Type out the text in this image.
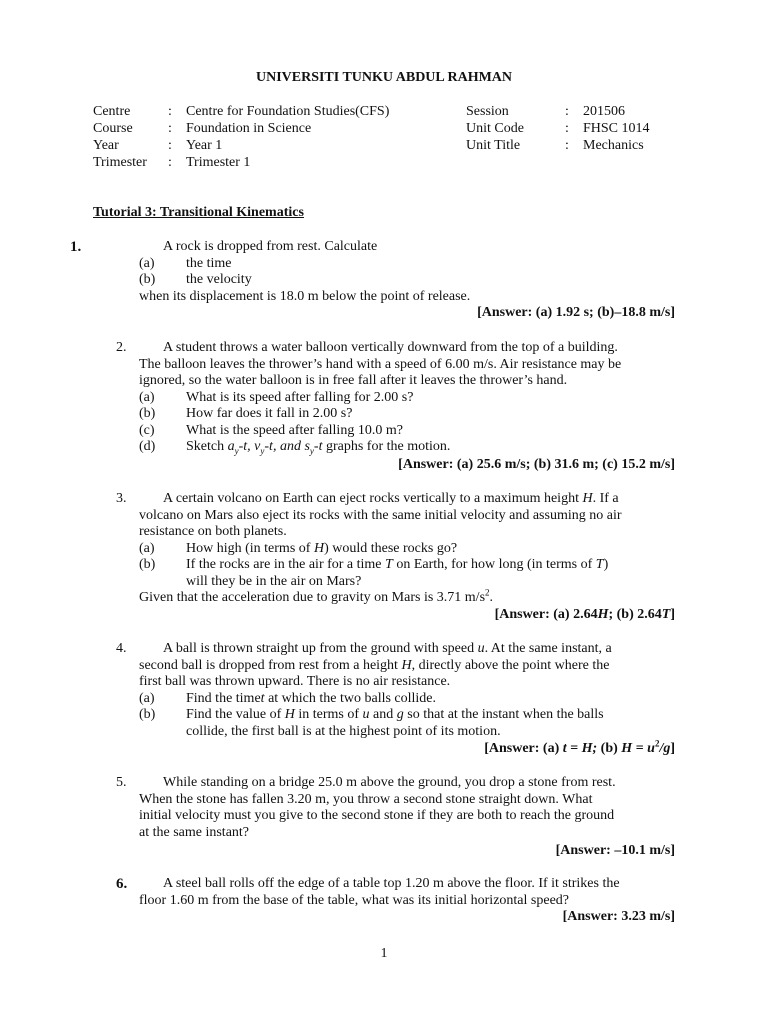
UNIVERSITI TUNKU ABDUL RAHMAN
Centre	: Centre for Foundation Studies(CFS)
Course	: Foundation in Science
Year	: Year 1
Trimester : Trimester 1
Session	: 201506
Unit Code	: FHSC 1014
Unit Title	: Mechanics
Tutorial 3: Transitional Kinematics
1.	A rock is dropped from rest. Calculate
(a) the time
(b) the velocity
when its displacement is 18.0 m below the point of release.
[Answer: (a) 1.92 s; (b)–18.8 m/s]
2.	A student throws a water balloon vertically downward from the top of a building.
The balloon leaves the thrower’s hand with a speed of 6.00 m/s. Air resistance may be
ignored, so the water balloon is in free fall after it leaves the thrower’s hand.
(a) What is its speed after falling for 2.00 s?
(b) How far does it fall in 2.00 s?
(c) What is the speed after falling 10.0 m?
(d) Sketch $a_y-t$, $v_y-t$, and $s_y-t$ graphs for the motion.
[Answer: (a) 25.6 m/s; (b) 31.6 m; (c) 15.2 m/s]
3.	A certain volcano on Earth can eject rocks vertically to a maximum height H. If a
volcano on Mars also eject its rocks with the same initial velocity and assuming no air
resistance on both planets.
(a) How high (in terms of H) would these rocks go?
(b) If the rocks are in the air for a time T on Earth, for how long (in terms of T)
will they be in the air on Mars?
Given that the acceleration due to gravity on Mars is 3.71 $m/s^2$.
[Answer: (a) 2.64H; (b) 2.64T]
4.	A ball is thrown straight up from the ground with speed u. At the same instant, a
second ball is dropped from rest from a height H, directly above the point where the
first ball was thrown upward. There is no air resistance.
(a) Find the timet at which the two balls collide.
(b) Find the value of H in terms of u and g so that at the instant when the balls
collide, the first ball is at the highest point of its motion.
[Answer: (a) t = H; (b) $H = u^2/g$]
5.	While standing on a bridge 25.0 m above the ground, you drop a stone from rest.
When the stone has fallen 3.20 m, you throw a second stone straight down. What
initial velocity must you give to the second stone if they are both to reach the ground
at the same instant?
[Answer: –10.1 m/s]
6.	A steel ball rolls off the edge of a table top 1.20 m above the floor. If it strikes the
floor 1.60 m from the base of the table, what was its initial horizontal speed?
[Answer: 3.23 m/s]
1
